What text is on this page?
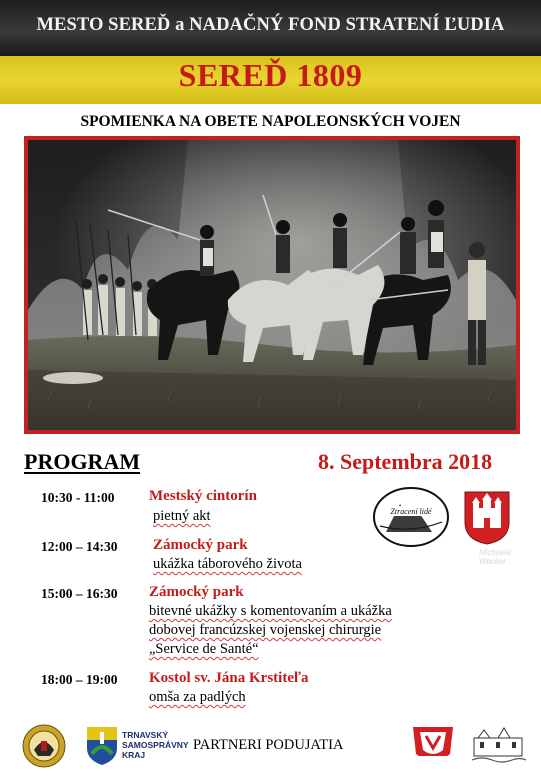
MESTO SEREĎ a NADAČNÝ FOND STRATENÍ ĽUDIA
SEREĎ 1809
SPOMIENKA NA OBETE NAPOLEONSKÝCH VOJEN
Michaela Wecker
PROGRAM	8. Septembra 2018
10:30 - 11:00 Mestský cintorín
pietný akt
12:00 – 14:30 Zámocký park
ukážka táborového života
15:00 – 16:30 Zámocký park
bitevné ukážky s komentovaním a ukážka
dobovej francúzskej vojenskej chirurgie
„Service de Santé“
18:00 – 19:00 Kostol sv. Jána Krstiteľa
omša za padlých
Ztracení lidé
TRNAVSKÝ
SAMOSPRÁVNY
KRAJ
PARTNERI PODUJATIA
